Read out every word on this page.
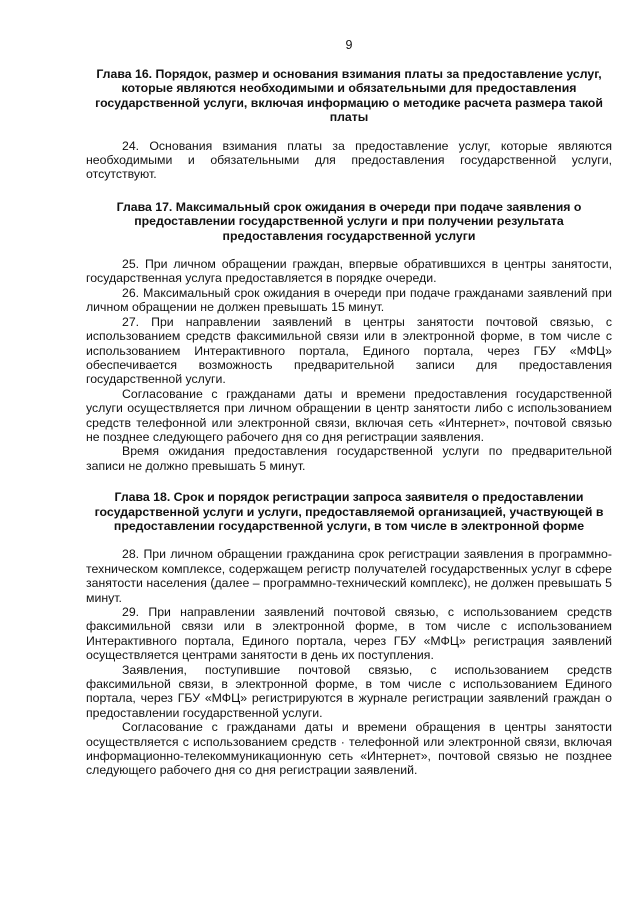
9
Глава 16. Порядок, размер и основания взимания платы за предоставление услуг, которые являются необходимыми и обязательными для предоставления государственной услуги, включая информацию о методике расчета размера такой платы

24. Основания взимания платы за предоставление услуг, которые являются необходимыми и обязательными для предоставления государственной услуги, отсутствуют.

Глава 17. Максимальный срок ожидания в очереди при подаче заявления о предоставлении государственной услуги и при получении результата предоставления государственной услуги

25. При личном обращении граждан, впервые обратившихся в центры занятости, государственная услуга предоставляется в порядке очереди.

26. Максимальный срок ожидания в очереди при подаче гражданами заявлений при личном обращении не должен превышать 15 минут.

27. При направлении заявлений в центры занятости почтовой связью, с использованием средств факсимильной связи или в электронной форме, в том числе с использованием Интерактивного портала, Единого портала, через ГБУ «МФЦ» обеспечивается возможность предварительной записи для предоставления государственной услуги.

Согласование с гражданами даты и времени предоставления государственной услуги осуществляется при личном обращении в центр занятости либо с использованием средств телефонной или электронной связи, включая сеть «Интернет», почтовой связью не позднее следующего рабочего дня со дня регистрации заявления.

Время ожидания предоставления государственной услуги по предварительной записи не должно превышать 5 минут.

Глава 18. Срок и порядок регистрации запроса заявителя о предоставлении государственной услуги и услуги, предоставляемой организацией, участвующей в предоставлении государственной услуги, в том числе в электронной форме

28. При личном обращении гражданина срок регистрации заявления в программно-техническом комплексе, содержащем регистр получателей государственных услуг в сфере занятости населения (далее – программно-технический комплекс), не должен превышать 5 минут.

29. При направлении заявлений почтовой связью, с использованием средств факсимильной связи или в электронной форме, в том числе с использованием Интерактивного портала, Единого портала, через ГБУ «МФЦ» регистрация заявлений осуществляется центрами занятости в день их поступления.

Заявления, поступившие почтовой связью, с использованием средств факсимильной связи, в электронной форме, в том числе с использованием Единого портала, через ГБУ «МФЦ» регистрируются в журнале регистрации заявлений граждан о предоставлении государственной услуги.

Согласование с гражданами даты и времени обращения в центры занятости осуществляется с использованием средств · телефонной или электронной связи, включая информационно-телекоммуникационную сеть «Интернет», почтовой связью не позднее следующего рабочего дня со дня регистрации заявлений.
